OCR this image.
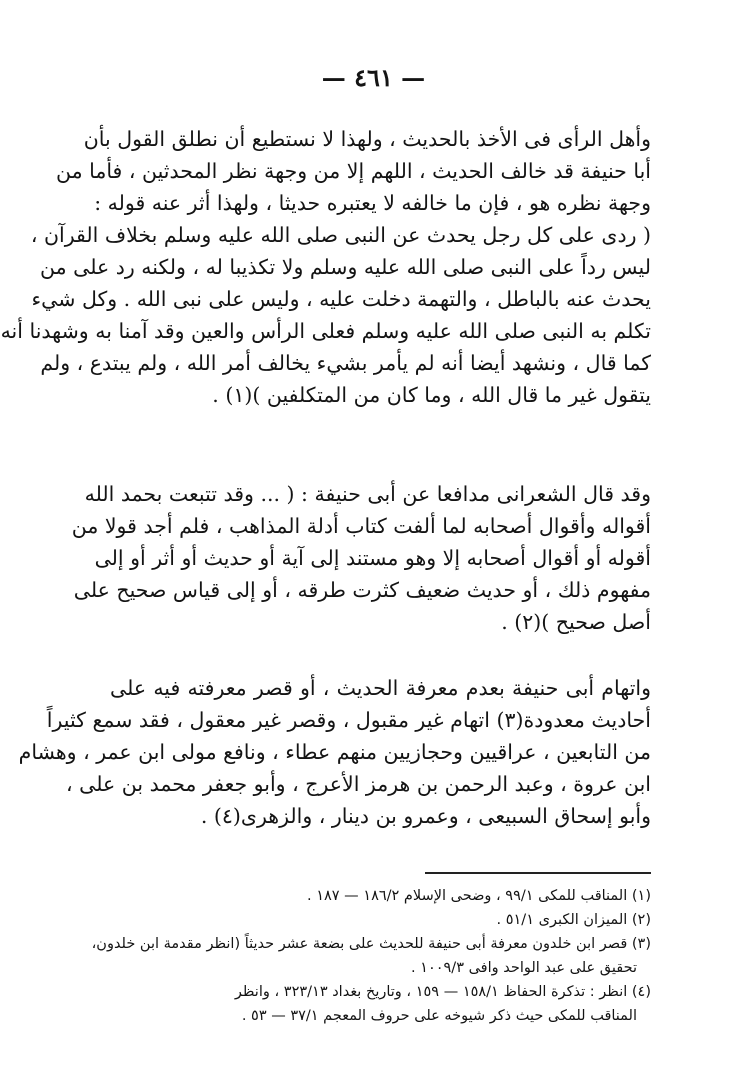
— ٤٦١ —
وأهل الرأى فى الأخذ بالحديث ، ولهذا لا نستطيع أن نطلق القول بأن
أبا حنيفة قد خالف الحديث ، اللهم إلا من وجهة نظر المحدثين ، فأما من
وجهة نظره هو ، فإن ما خالفه لا يعتبره حديثا ، ولهذا أثر عنه قوله :
( ردى على كل رجل يحدث عن النبى صلى الله عليه وسلم بخلاف القرآن ،
ليس رداً على النبى صلى الله عليه وسلم ولا تكذيبا له ، ولكنه رد على من
يحدث عنه بالباطل ، والتهمة دخلت عليه ، وليس على نبى الله . وكل شيء
تكلم به النبى صلى الله عليه وسلم فعلى الرأس والعين وقد آمنا به وشهدنا أنه
كما قال ، ونشهد أيضا أنه لم يأمر بشيء يخالف أمر الله ، ولم يبتدع ، ولم
يتقول غير ما قال الله ، وما كان من المتكلفين )(١) .
وقد قال الشعرانى مدافعا عن أبى حنيفة : ( ... وقد تتبعت بحمد الله
أقواله وأقوال أصحابه لما ألفت كتاب أدلة المذاهب ، فلم أجد قولا من
أقوله أو أقوال أصحابه إلا وهو مستند إلى آية أو حديث أو أثر أو إلى
مفهوم ذلك ، أو حديث ضعيف كثرت طرقه ، أو إلى قياس صحيح على
أصل صحيح )(٢) .
واتهام أبى حنيفة بعدم معرفة الحديث ، أو قصر معرفته فيه على
أحاديث معدودة(٣) اتهام غير مقبول ، وقصر غير معقول ، فقد سمع كثيراً
من التابعين ، عراقيين وحجازيين منهم عطاء ، ونافع مولى ابن عمر ، وهشام
ابن عروة ، وعبد الرحمن بن هرمز الأعرج ، وأبو جعفر محمد بن على ،
وأبو إسحاق السبيعى ، وعمرو بن دينار ، والزهرى(٤) .
(١) المناقب للمكى ٩٩/١ ، وضحى الإسلام ١٨٦/٢ — ١٨٧ .
(٢) الميزان الكبرى ٥١/١ .
(٣) قصر ابن خلدون معرفة أبى حنيفة للحديث على بضعة عشر حديثاً (انظر مقدمة ابن خلدون،
تحقيق على عبد الواحد وافى ١٠٠٩/٣ .
(٤) انظر : تذكرة الحفاظ ١٥٨/١ — ١٥٩ ، وتاريخ بغداد ٣٢٣/١٣ ، وانظر
المناقب للمكى حيث ذكر شيوخه على حروف المعجم ٣٧/١ — ٥٣ .
